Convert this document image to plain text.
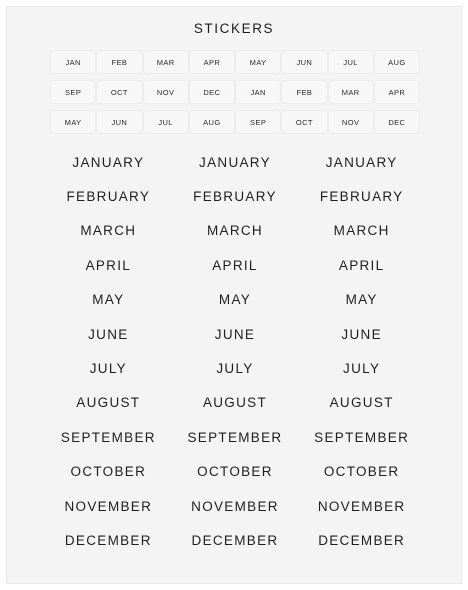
STICKERS
JAN	FEB	MAR	APR	MAY	JUN	JUL	AUG
SEP	OCT	NOV	DEC	JAN	FEB	MAR	APR
MAY	JUN	JUL	AUG	SEP	OCT	NOV	DEC
JANUARY	JANUARY	JANUARY
FEBRUARY	FEBRUARY	FEBRUARY
MARCH	MARCH	MARCH
APRIL	APRIL	APRIL
MAY	MAY	MAY
JUNE	JUNE	JUNE
JULY	JULY	JULY
AUGUST	AUGUST	AUGUST
SEPTEMBER	SEPTEMBER	SEPTEMBER
OCTOBER	OCTOBER	OCTOBER
NOVEMBER	NOVEMBER	NOVEMBER
DECEMBER	DECEMBER	DECEMBER
